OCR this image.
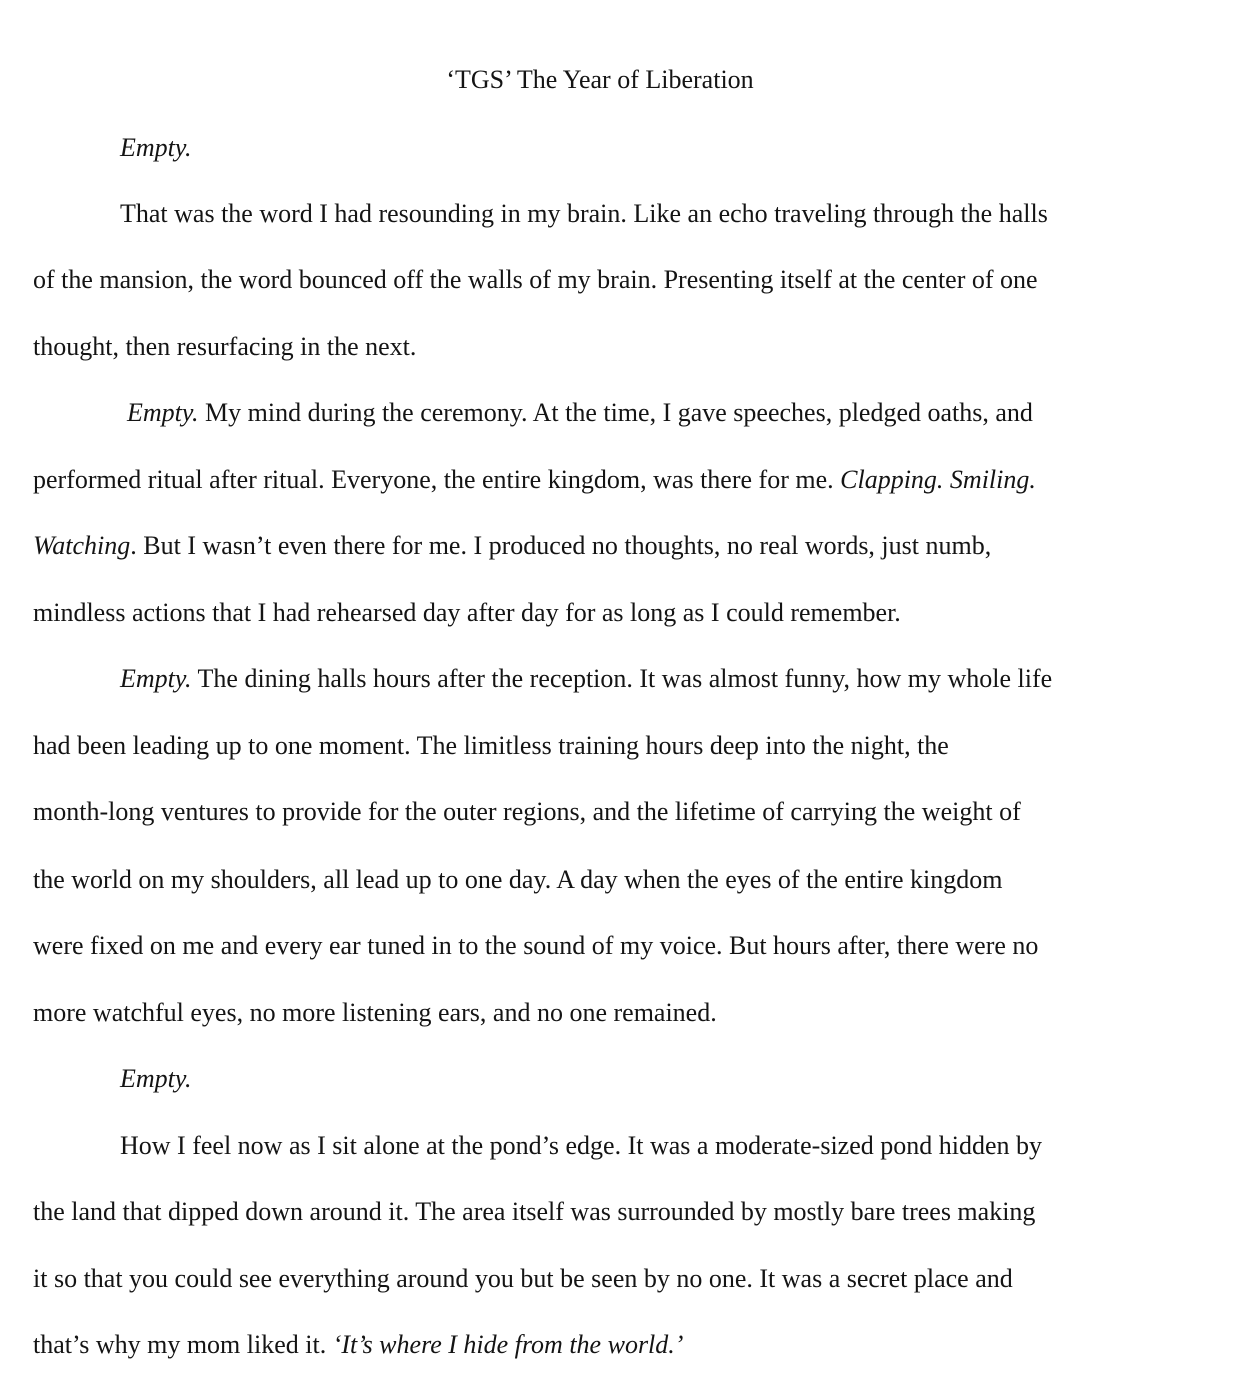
‘TGS’ The Year of Liberation
Empty.
That was the word I had resounding in my brain. Like an echo traveling through the halls
of the mansion, the word bounced off the walls of my brain. Presenting itself at the center of one
thought, then resurfacing in the next.
Empty. My mind during the ceremony. At the time, I gave speeches, pledged oaths, and
performed ritual after ritual. Everyone, the entire kingdom, was there for me. Clapping. Smiling.
Watching. But I wasn’t even there for me. I produced no thoughts, no real words, just numb,
mindless actions that I had rehearsed day after day for as long as I could remember.
Empty. The dining halls hours after the reception. It was almost funny, how my whole life
had been leading up to one moment. The limitless training hours deep into the night, the
month-long ventures to provide for the outer regions, and the lifetime of carrying the weight of
the world on my shoulders, all lead up to one day. A day when the eyes of the entire kingdom
were fixed on me and every ear tuned in to the sound of my voice. But hours after, there were no
more watchful eyes, no more listening ears, and no one remained.
Empty.
How I feel now as I sit alone at the pond’s edge. It was a moderate-sized pond hidden by
the land that dipped down around it. The area itself was surrounded by mostly bare trees making
it so that you could see everything around you but be seen by no one. It was a secret place and
that’s why my mom liked it. ‘It’s where I hide from the world.’
